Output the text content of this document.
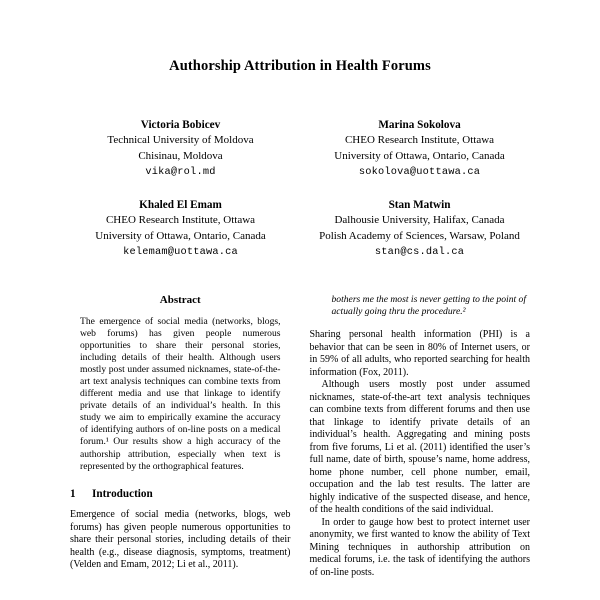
Authorship Attribution in Health Forums
Victoria Bobicev
Technical University of Moldova
Chisinau, Moldova
vika@rol.md
Marina Sokolova
CHEO Research Institute, Ottawa
University of Ottawa, Ontario, Canada
sokolova@uottawa.ca
Khaled El Emam
CHEO Research Institute, Ottawa
University of Ottawa, Ontario, Canada
kelemam@uottawa.ca
Stan Matwin
Dalhousie University, Halifax, Canada
Polish Academy of Sciences, Warsaw, Poland
stan@cs.dal.ca
Abstract

The emergence of social media (networks, blogs, web forums) has given people numerous opportunities to share their personal stories, including details of their health. Although users mostly post under assumed nicknames, state-of-the-art text analysis techniques can combine texts from different media and use that linkage to identify private details of an individual’s health. In this study we aim to empirically examine the accuracy of identifying authors of on-line posts on a medical forum.¹ Our results show a high accuracy of the authorship attribution, especially when text is represented by the orthographical features.

1 Introduction

Emergence of social media (networks, blogs, web forums) has given people numerous opportunities to share their personal stories, including details of their health (e.g., disease diagnosis, symptoms, treatment) (Velden and Emam, 2012; Li et al., 2011).

bothers me the most is never getting to the point of actually going thru the procedure.²

Sharing personal health information (PHI) is a behavior that can be seen in 80% of Internet users, or in 59% of all adults, who reported searching for health information (Fox, 2011).

Although users mostly post under assumed nicknames, state-of-the-art text analysis techniques can combine texts from different forums and then use that linkage to identify private details of an individual’s health. Aggregating and mining posts from five forums, Li et al. (2011) identified the user’s full name, date of birth, spouse’s name, home address, home phone number, cell phone number, email, occupation and the lab test results. The latter are highly indicative of the suspected disease, and hence, of the health conditions of the said individual.

In order to gauge how best to protect internet user anonymity, we first wanted to know the ability of Text Mining techniques in authorship attribution on medical forums, i.e. the task of identifying the authors of on-line posts.
